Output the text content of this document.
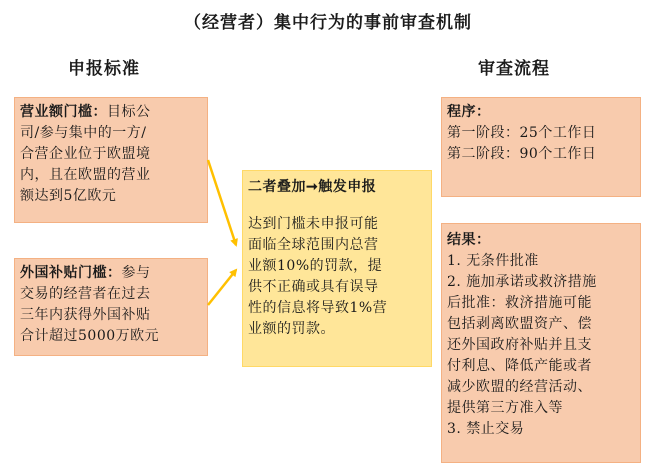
（经营者）集中行为的事前审查机制
申报标准	审查流程
营业额门槛：目标公
司/参与集中的一方/
合营企业位于欧盟境
内，且在欧盟的营业
额达到5亿欧元
外国补贴门槛：参与
交易的经营者在过去
三年内获得外国补贴
合计超过5000万欧元
二者叠加➞触发申报
达到门槛未申报可能
面临全球范围内总营
业额10%的罚款，提
供不正确或具有误导
性的信息将导致1%营
业额的罚款。
程序：
第一阶段：25个工作日
第二阶段：90个工作日
结果：
1. 无条件批准
2. 施加承诺或救济措施
后批准：救济措施可能
包括剥离欧盟资产、偿
还外国政府补贴并且支
付利息、降低产能或者
减少欧盟的经营活动、
提供第三方准入等
3. 禁止交易
